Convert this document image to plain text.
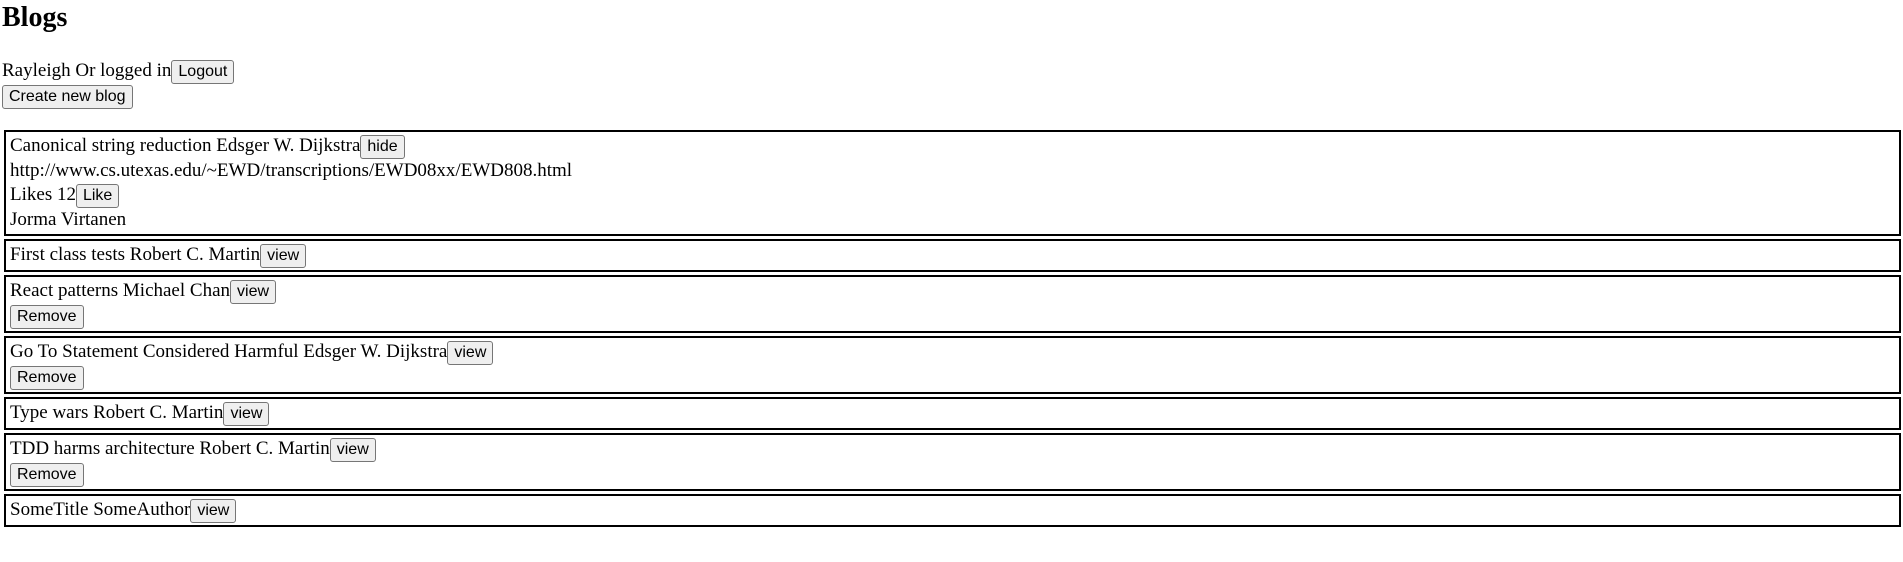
Blogs
Rayleigh Or logged in Logout
Create new blog
Canonical string reduction Edsger W. Dijkstra hide
http://www.cs.utexas.edu/~EWD/transcriptions/EWD08xx/EWD808.html
Likes 12 Like
Jorma Virtanen
First class tests Robert C. Martin view
React patterns Michael Chan view
Remove
Go To Statement Considered Harmful Edsger W. Dijkstra view
Remove
Type wars Robert C. Martin view
TDD harms architecture Robert C. Martin view
Remove
SomeTitle SomeAuthor view
